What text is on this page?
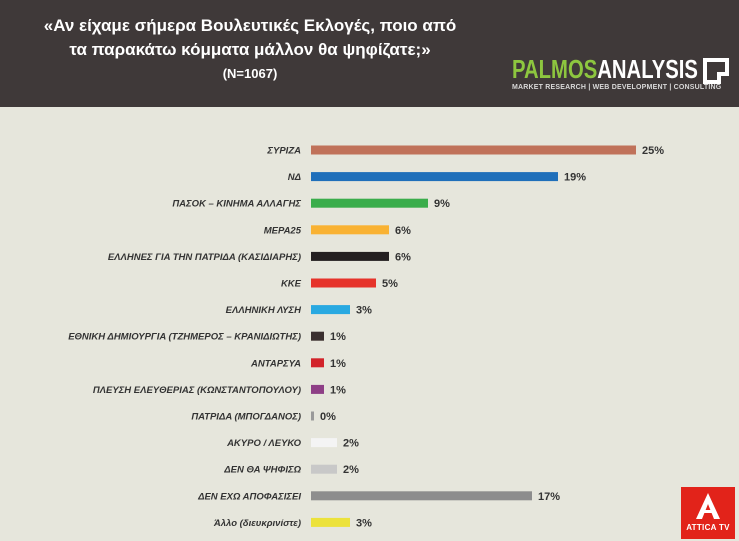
«Αν είχαμε σήμερα Βουλευτικές Εκλογές, ποιο από
τα παρακάτω κόμματα μάλλον θα ψηφίζατε;»
(N=1067)	PALMOSANALYSIS
MARKET RESEARCH | WEB DEVELOPMENT | CONSULTING
ΣΥΡΙΖΑ	25%
ΝΔ	19%
ΠΑΣΟΚ – ΚΙΝΗΜΑ ΑΛΛΑΓΗΣ	9%
ΜΕΡΑ25	6%
ΕΛΛΗΝΕΣ ΓΙΑ ΤΗΝ ΠΑΤΡΙΔΑ (ΚΑΣΙΔΙΑΡΗΣ)	6%
ΚΚΕ	5%
ΕΛΛΗΝΙΚΗ ΛΥΣΗ	3%
ΕΘΝΙΚΗ ΔΗΜΙΟΥΡΓΙΑ (ΤΖΗΜΕΡΟΣ – ΚΡΑΝΙΔΙΩΤΗΣ)	1%
ΑΝΤΑΡΣΥΑ	1%
ΠΛΕΥΣΗ ΕΛΕΥΘΕΡΙΑΣ (ΚΩΝΣΤΑΝΤΟΠΟΥΛΟΥ)	1%
ΠΑΤΡΙΔΑ (ΜΠΟΓΔΑΝΟΣ) 0%
ΑΚΥΡΟ / ΛΕΥΚΟ	2%
ΔΕΝ ΘΑ ΨΗΦΙΣΩ	2%
ΔΕΝ ΕΧΩ ΑΠΟΦΑΣΙΣΕΙ	17%
Άλλο (διευκρινίστε)	3%	ATTICA TV
